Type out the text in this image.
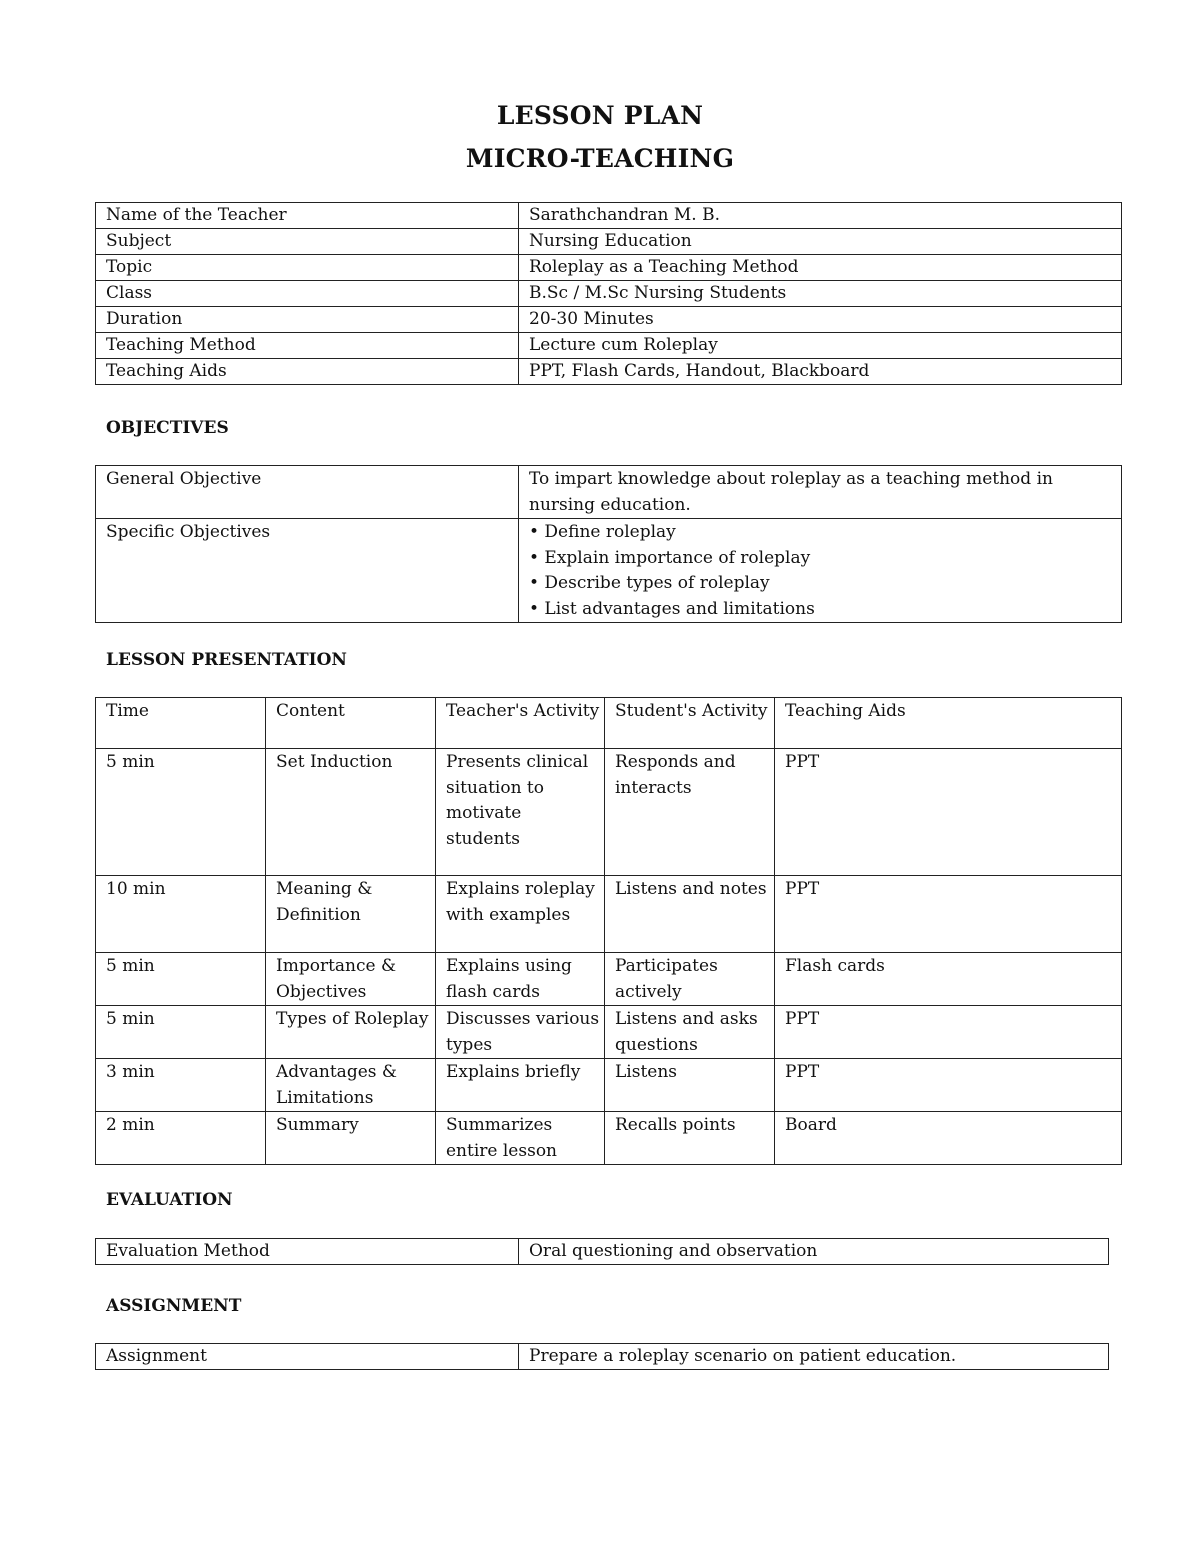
LESSON PLAN
MICRO-TEACHING
Name of the Teacher	Sarathchandran M. B.
Subject	Nursing Education
Topic	Roleplay as a Teaching Method
Class	B.Sc / M.Sc Nursing Students
Duration	20-30 Minutes
Teaching Method	Lecture cum Roleplay
Teaching Aids	PPT, Flash Cards, Handout, Blackboard
OBJECTIVES
General Objective	To impart knowledge about roleplay as a teaching method in nursing education.
Specific Objectives	• Define roleplay
• Explain importance of roleplay
• Describe types of roleplay
• List advantages and limitations
LESSON PRESENTATION
Time	Content	Teacher's Activity	Student's Activity	Teaching Aids
5 min	Set Induction	Presents clinical situation to motivate students	Responds and interacts	PPT
10 min	Meaning & Definition	Explains roleplay with examples	Listens and notes	PPT
5 min	Importance & Objectives	Explains using flash cards	Participates actively	Flash cards
5 min	Types of Roleplay	Discusses various types	Listens and asks questions	PPT
3 min	Advantages & Limitations	Explains briefly	Listens	PPT
2 min	Summary	Summarizes entire lesson	Recalls points	Board
EVALUATION
Evaluation Method	Oral questioning and observation
ASSIGNMENT
Assignment	Prepare a roleplay scenario on patient education.
